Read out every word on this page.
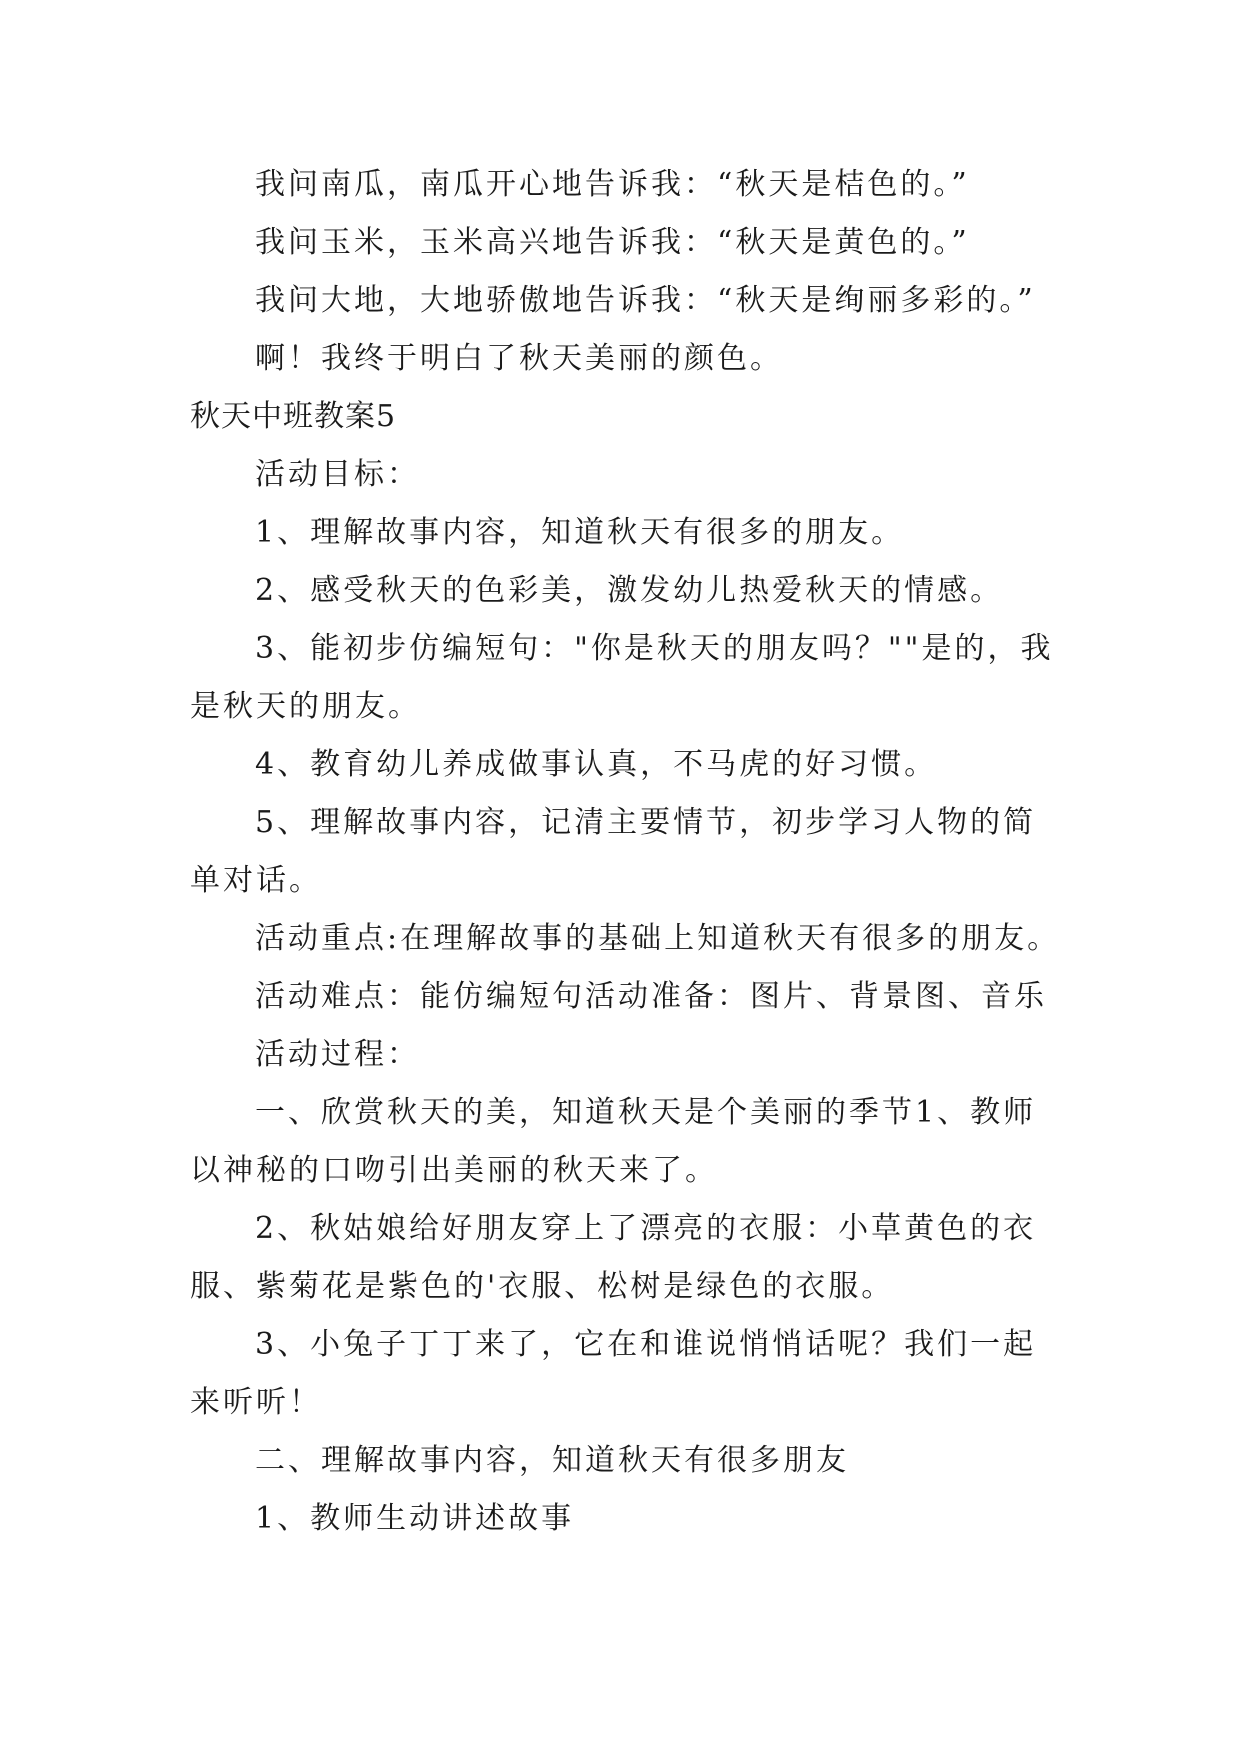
我问南瓜，南瓜开心地告诉我：“秋天是桔色的。”
我问玉米，玉米高兴地告诉我：“秋天是黄色的。”
我问大地，大地骄傲地告诉我：“秋天是绚丽多彩的。”
啊！我终于明白了秋天美丽的颜色。
秋天中班教案5
活动目标：
1、理解故事内容，知道秋天有很多的朋友。
2、感受秋天的色彩美，激发幼儿热爱秋天的情感。
3、能初步仿编短句："你是秋天的朋友吗？""是的，我
是秋天的朋友。
4、教育幼儿养成做事认真，不马虎的好习惯。
5、理解故事内容，记清主要情节，初步学习人物的简
单对话。
活动重点:在理解故事的基础上知道秋天有很多的朋友。
活动难点：能仿编短句活动准备：图片、背景图、音乐
活动过程：
一、欣赏秋天的美，知道秋天是个美丽的季节1、教师
以神秘的口吻引出美丽的秋天来了。
2、秋姑娘给好朋友穿上了漂亮的衣服：小草黄色的衣
服、紫菊花是紫色的'衣服、松树是绿色的衣服。
3、小兔子丁丁来了，它在和谁说悄悄话呢？我们一起
来听听！
二、理解故事内容，知道秋天有很多朋友
1、教师生动讲述故事
